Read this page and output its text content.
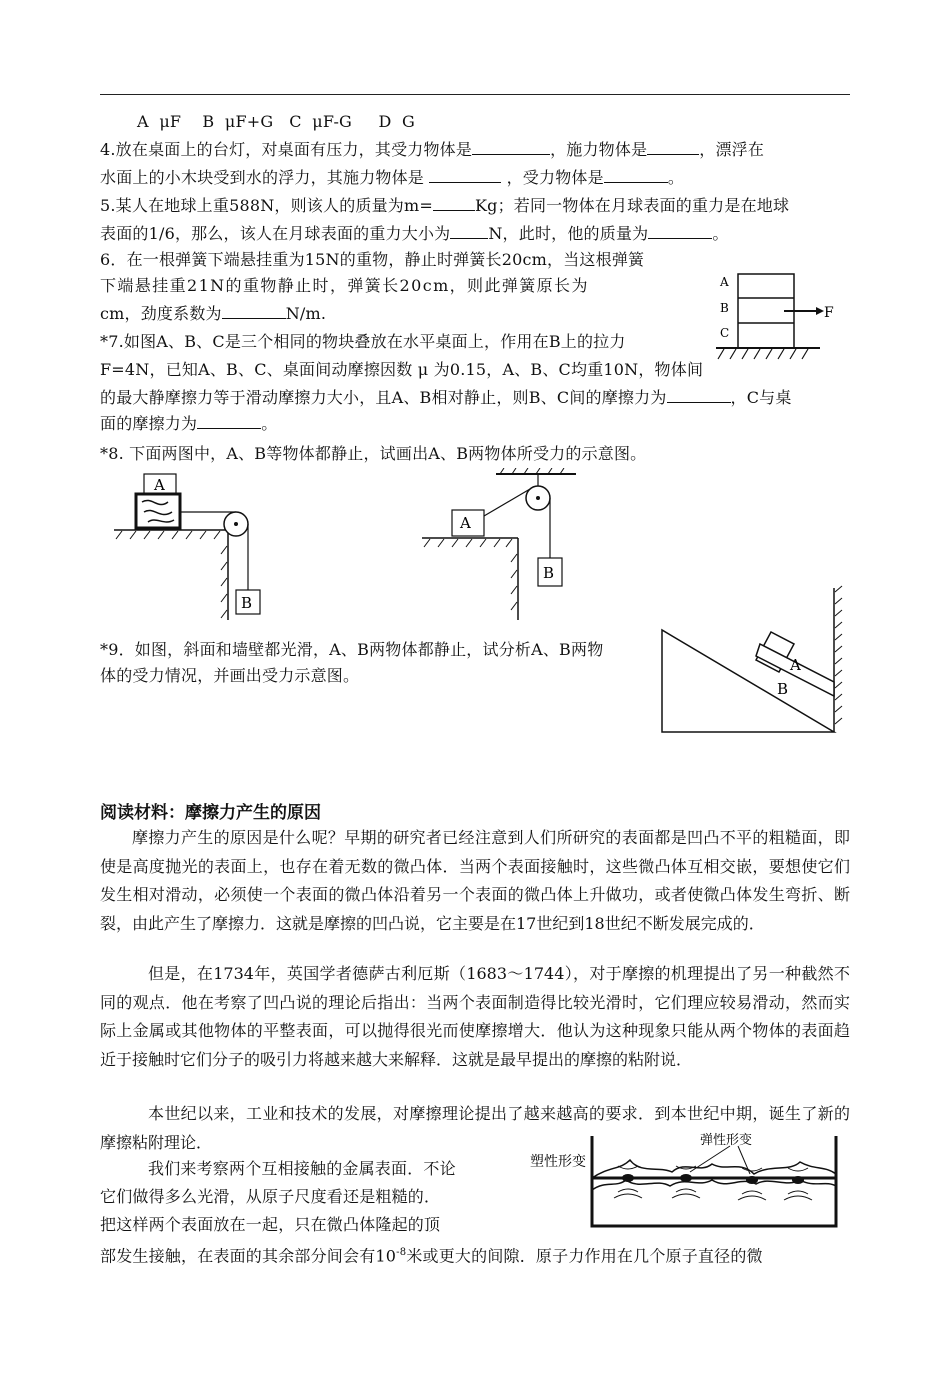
A  μF    B  μF+G   C  μF-G     D  G
4.放在桌面上的台灯，对桌面有压力，其受力物体是	，施力物体是	，漂浮在
水面上的小木块受到水的浮力，其施力物体是	，受力物体是	。
5.某人在地球上重588N，则该人的质量为m=	Kg；若同一物体在月球表面的重力是在地球
表面的1/6，那么，该人在月球表面的重力大小为 N，此时，他的质量为	。
6．在一根弹簧下端悬挂重为15N的重物，静止时弹簧长20cm，当这根弹簧
下端悬挂重21N的重物静止时，弹簧长20cm，则此弹簧原长为
cm，劲度系数为	N/m.
A
B
C
F
*7.如图A、B、C是三个相同的物块叠放在水平桌面上，作用在B上的拉力
F=4N，已知A、B、C、桌面间动摩擦因数 μ 为0.15，A、B、C均重10N，物体间
的最大静摩擦力等于滑动摩擦力大小，且A、B相对静止，则B、C间的摩擦力为	，C与桌
面的摩擦力为	。
*8. 下面两图中，A、B等物体都静止，试画出A、B两物体所受力的示意图。
A
B
A
B
*9．如图，斜面和墙壁都光滑，A、B两物体都静止，试分析A、B两物
体的受力情况，并画出受力示意图。
B
A
阅读材料：摩擦力产生的原因
摩擦力产生的原因是什么呢？早期的研究者已经注意到人们所研究的表面都是凹凸不平的粗糙面，即使是高度抛光的表面上，也存在着无数的微凸体．当两个表面接触时，这些微凸体互相交嵌，要想使它们发生相对滑动，必须使一个表面的微凸体沿着另一个表面的微凸体上升做功，或者使微凸体发生弯折、断裂，由此产生了摩擦力．这就是摩擦的凹凸说，它主要是在17世纪到18世纪不断发展完成的．
但是，在1734年，英国学者德萨古利厄斯（1683～1744），对于摩擦的机理提出了另一种截然不同的观点．他在考察了凹凸说的理论后指出：当两个表面制造得比较光滑时，它们理应较易滑动，然而实际上金属或其他物体的平整表面，可以抛得很光而使摩擦增大．他认为这种现象只能从两个物体的表面趋近于接触时它们分子的吸引力将越来越大来解释．这就是最早提出的摩擦的粘附说．
本世纪以来，工业和技术的发展，对摩擦理论提出了越来越高的要求．到本世纪中期，诞生了新的摩擦粘附理论．
我们来考察两个互相接触的金属表面．不论
它们做得多么光滑，从原子尺度看还是粗糙的．
把这样两个表面放在一起，只在微凸体隆起的顶
部发生接触，在表面的其余部分间会有$10^{-8}$米或更大的间隙．原子力作用在几个原子直径的微
塑性形变
弹性形变
